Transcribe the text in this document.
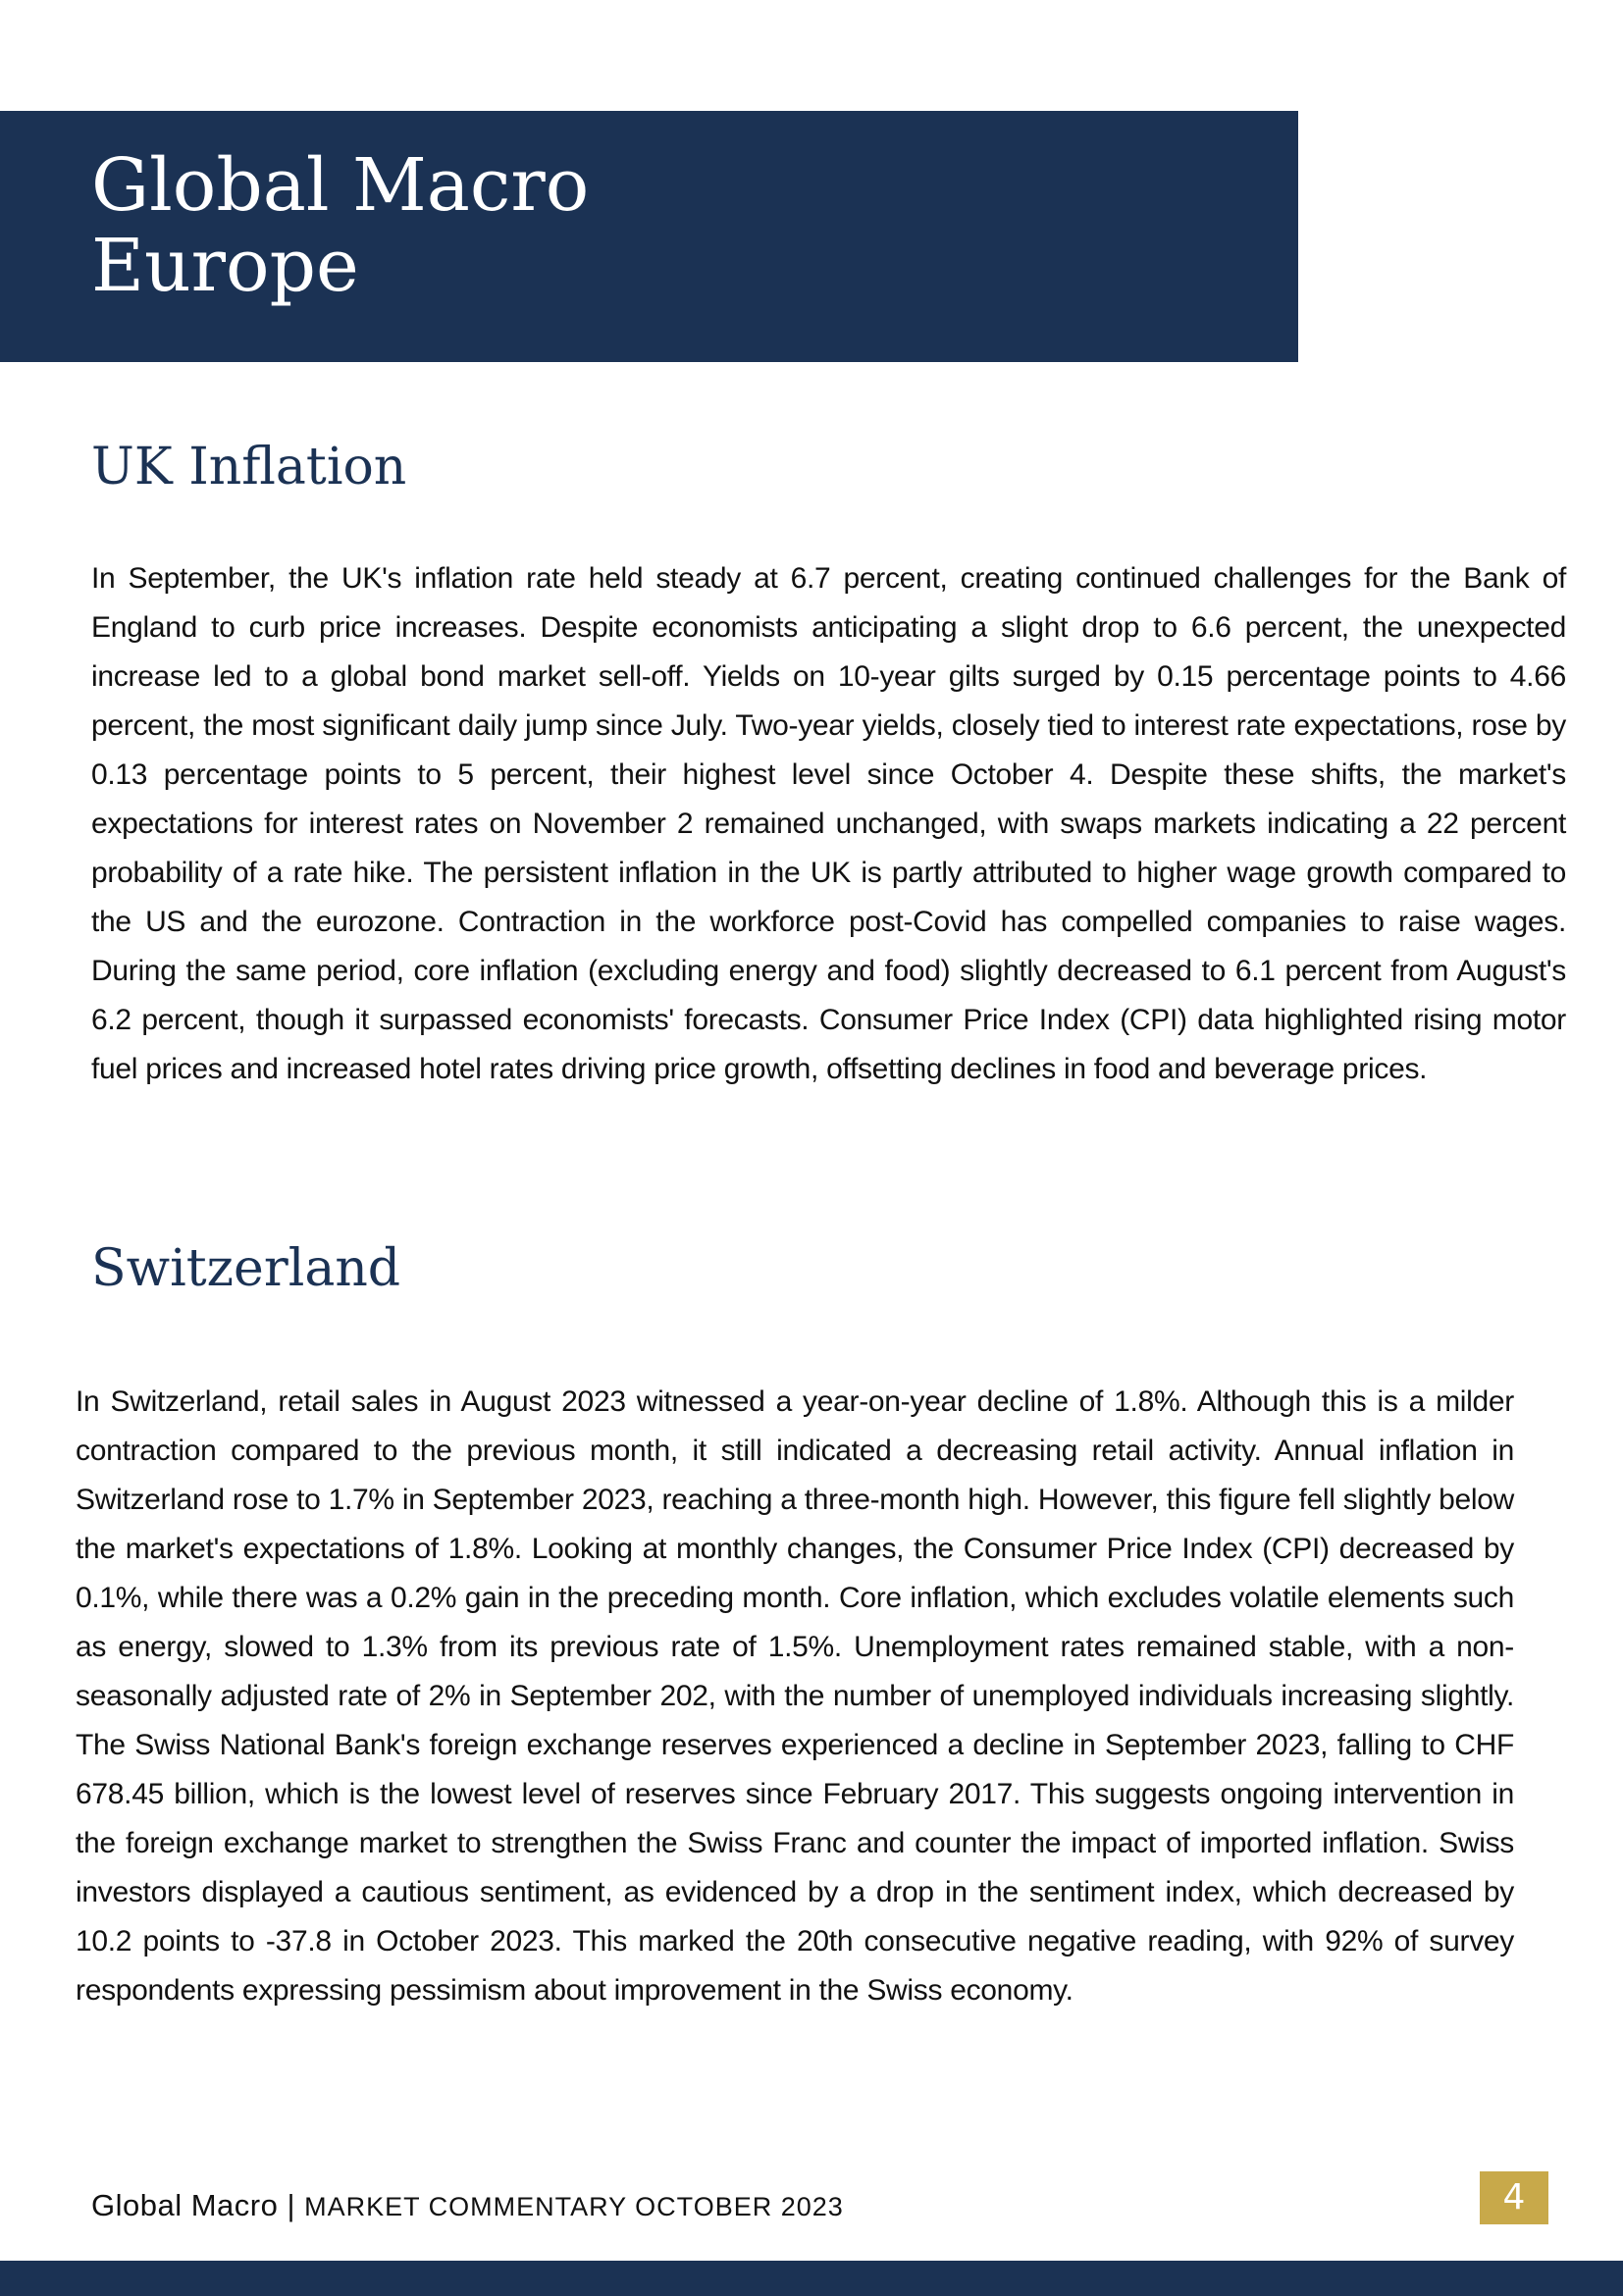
Global Macro Europe
UK Inflation

In September, the UK's inflation rate held steady at 6.7 percent, creating continued challenges for the Bank of England to curb price increases. Despite economists anticipating a slight drop to 6.6 percent, the unexpected increase led to a global bond market sell-off. Yields on 10-year gilts surged by 0.15 percentage points to 4.66 percent, the most significant daily jump since July. Two-year yields, closely tied to interest rate expectations, rose by 0.13 percentage points to 5 percent, their highest level since October 4. Despite these shifts, the market's expectations for interest rates on November 2 remained unchanged, with swaps markets indicating a 22 percent probability of a rate hike. The persistent inflation in the UK is partly attributed to higher wage growth compared to the US and the eurozone. Contraction in the workforce post-Covid has compelled companies to raise wages. During the same period, core inflation (excluding energy and food) slightly decreased to 6.1 percent from August's 6.2 percent, though it surpassed economists' forecasts. Consumer Price Index (CPI) data highlighted rising motor fuel prices and increased hotel rates driving price growth, offsetting declines in food and beverage prices.

Switzerland

In Switzerland, retail sales in August 2023 witnessed a year-on-year decline of 1.8%. Although this is a milder contraction compared to the previous month, it still indicated a decreasing retail activity. Annual inflation in Switzerland rose to 1.7% in September 2023, reaching a three-month high. However, this figure fell slightly below the market's expectations of 1.8%. Looking at monthly changes, the Consumer Price Index (CPI) decreased by 0.1%, while there was a 0.2% gain in the preceding month. Core inflation, which excludes volatile elements such as energy, slowed to 1.3% from its previous rate of 1.5%. Unemployment rates remained stable, with a non-seasonally adjusted rate of 2% in September 202, with the number of unemployed individuals increasing slightly. The Swiss National Bank's foreign exchange reserves experienced a decline in September 2023, falling to CHF 678.45 billion, which is the lowest level of reserves since February 2017. This suggests ongoing intervention in the foreign exchange market to strengthen the Swiss Franc and counter the impact of imported inflation. Swiss investors displayed a cautious sentiment, as evidenced by a drop in the sentiment index, which decreased by 10.2 points to -37.8 in October 2023. This marked the 20th consecutive negative reading, with 92% of survey respondents expressing pessimism about improvement in the Swiss economy.

Global Macro | MARKET COMMENTARY OCTOBER 2023	4
